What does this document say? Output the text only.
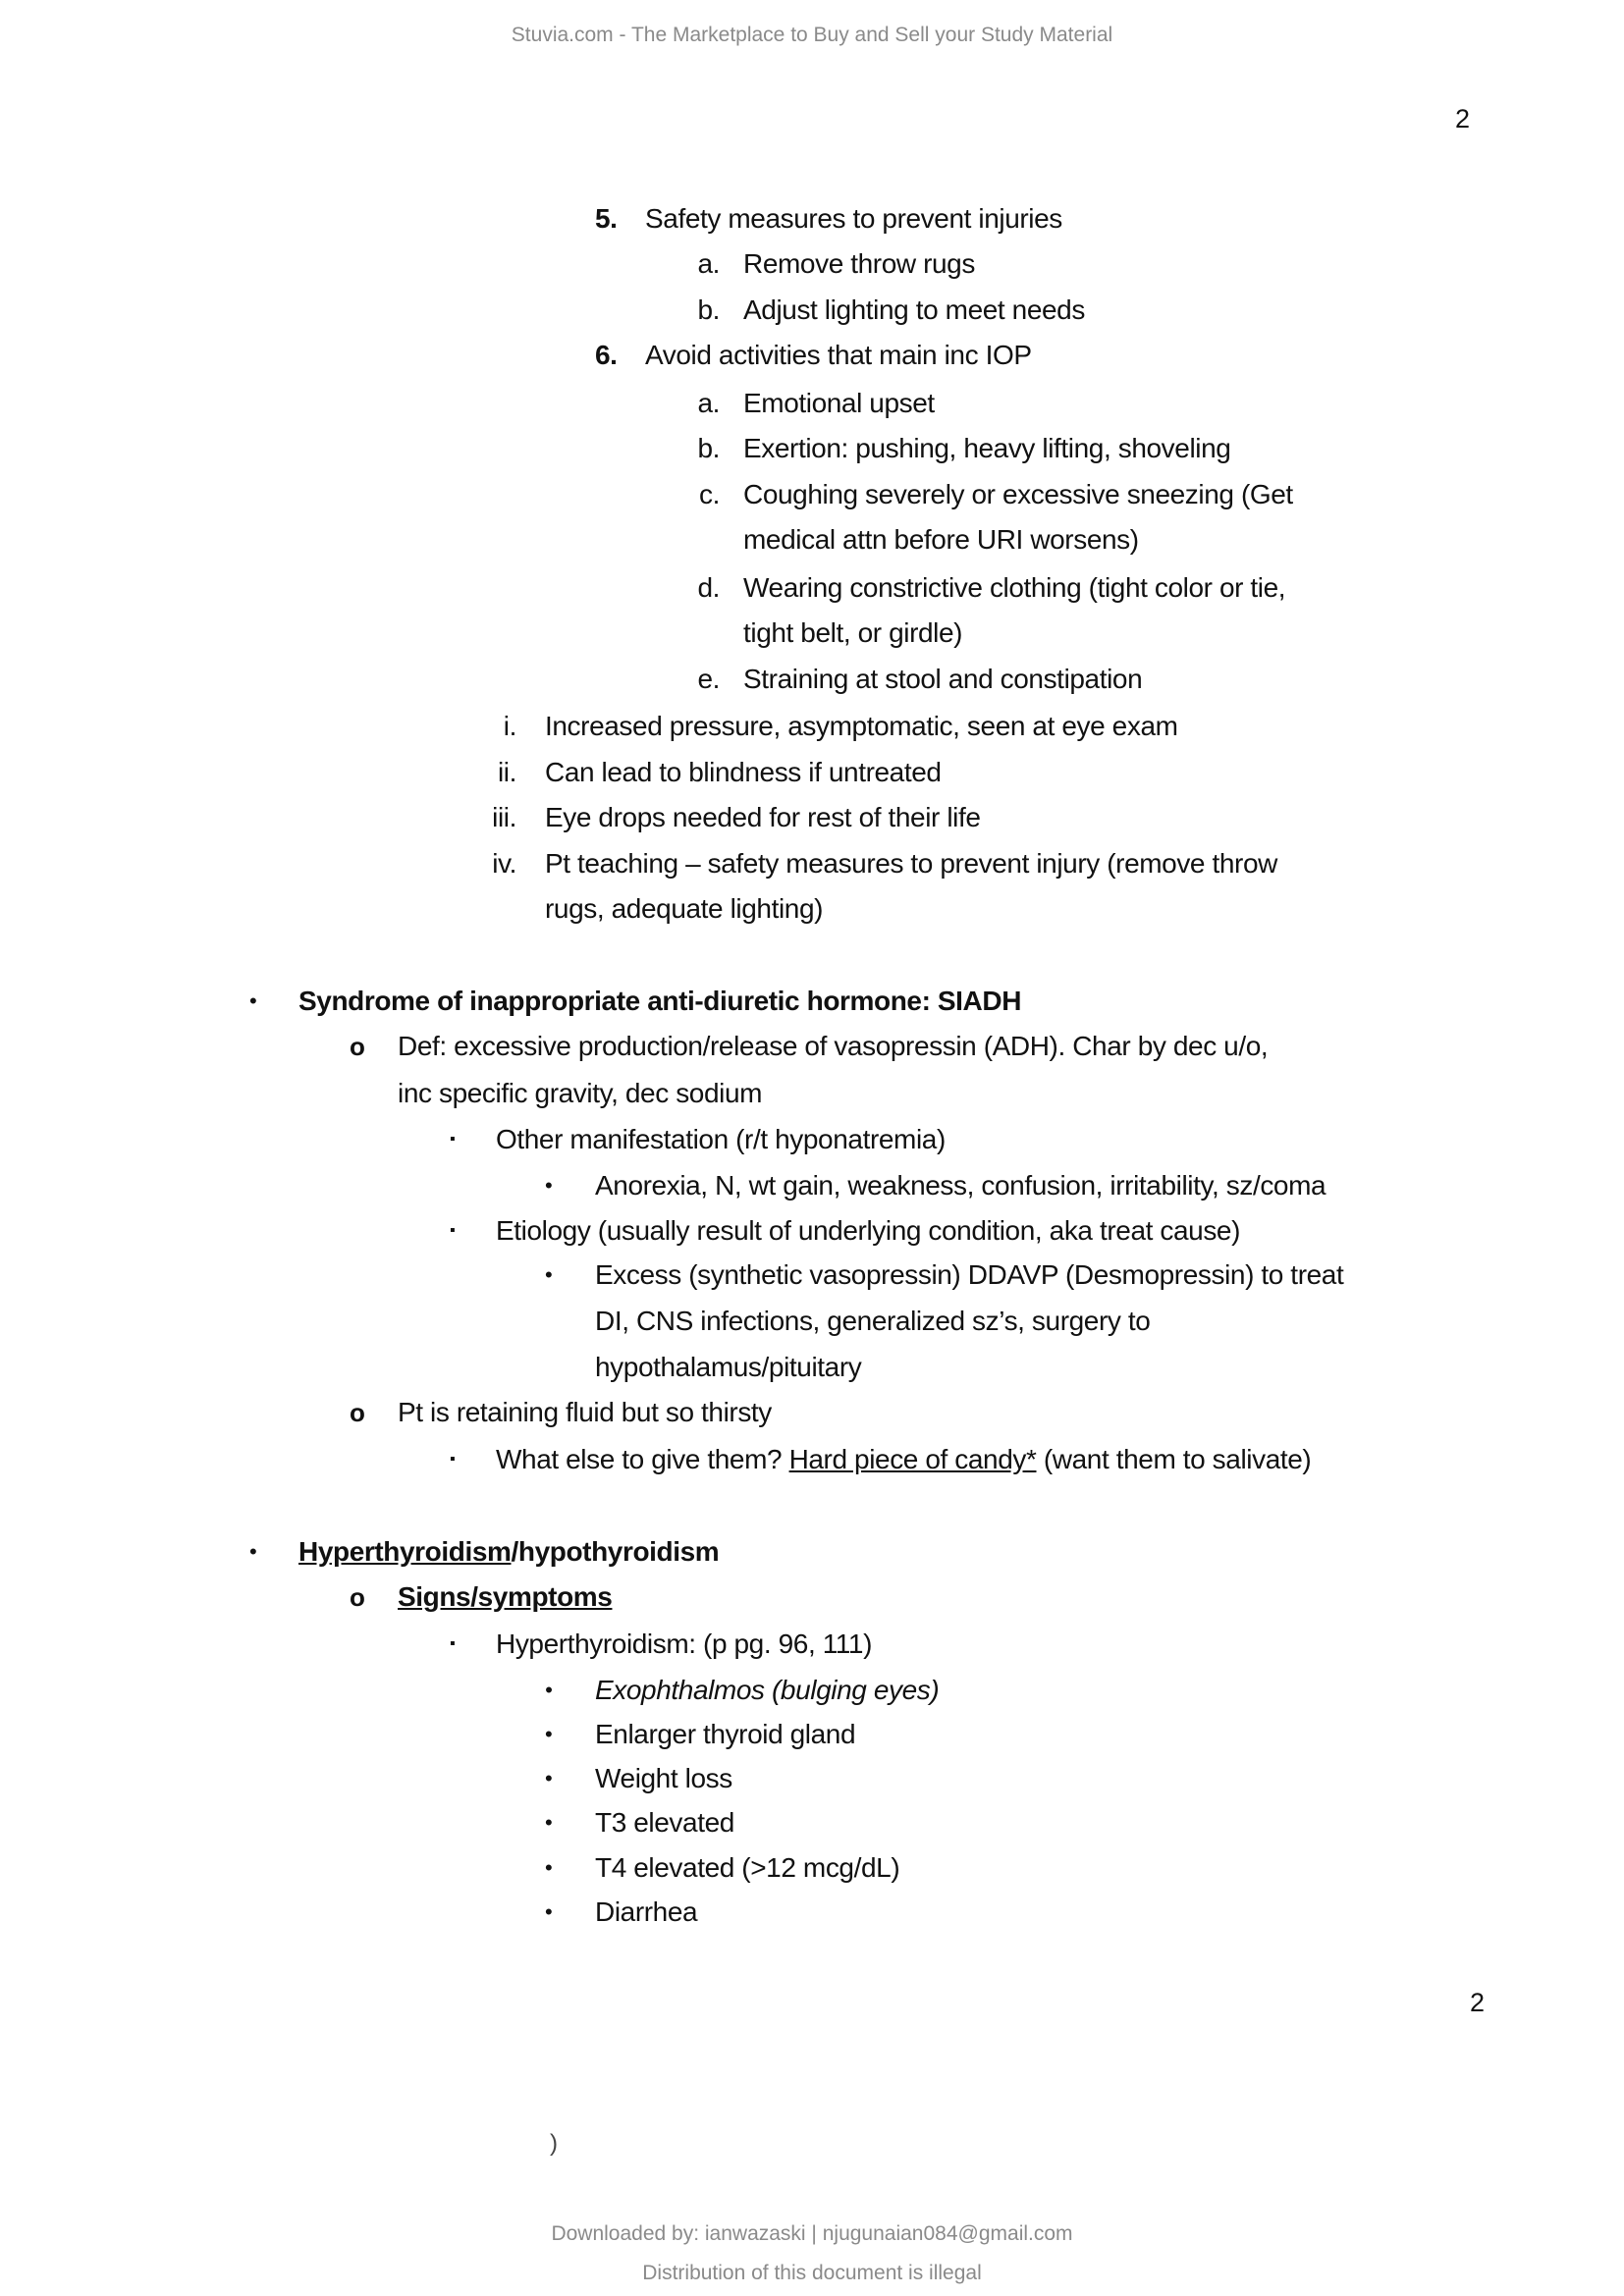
Stuvia.com - The Marketplace to Buy and Sell your Study Material
2
5. Safety measures to prevent injuries
a. Remove throw rugs
b. Adjust lighting to meet needs
6. Avoid activities that main inc IOP
a. Emotional upset
b. Exertion: pushing, heavy lifting, shoveling
c. Coughing severely or excessive sneezing (Get
medical attn before URI worsens)
d. Wearing constrictive clothing (tight color or tie,
tight belt, or girdle)
e. Straining at stool and constipation
i. Increased pressure, asymptomatic, seen at eye exam
ii. Can lead to blindness if untreated
iii. Eye drops needed for rest of their life
iv. Pt teaching – safety measures to prevent injury (remove throw
rugs, adequate lighting)
• Syndrome of inappropriate anti-diuretic hormone: SIADH
o Def: excessive production/release of vasopressin (ADH). Char by dec u/o,
inc specific gravity, dec sodium
▪ Other manifestation (r/t hyponatremia)
• Anorexia, N, wt gain, weakness, confusion, irritability, sz/coma
▪ Etiology (usually result of underlying condition, aka treat cause)
• Excess (synthetic vasopressin) DDAVP (Desmopressin) to treat
DI, CNS infections, generalized sz’s, surgery to
hypothalamus/pituitary
o Pt is retaining fluid but so thirsty
▪ What else to give them? Hard piece of candy* (want them to salivate)
• Hyperthyroidism/hypothyroidism
o Signs/symptoms
▪ Hyperthyroidism: (p pg. 96, 111)
• Exophthalmos (bulging eyes)
• Enlarger thyroid gland
• Weight loss
• T3 elevated
• T4 elevated (>12 mcg/dL)
• Diarrhea
2
)
Downloaded by: ianwazaski | njugunaian084@gmail.com
Distribution of this document is illegal
